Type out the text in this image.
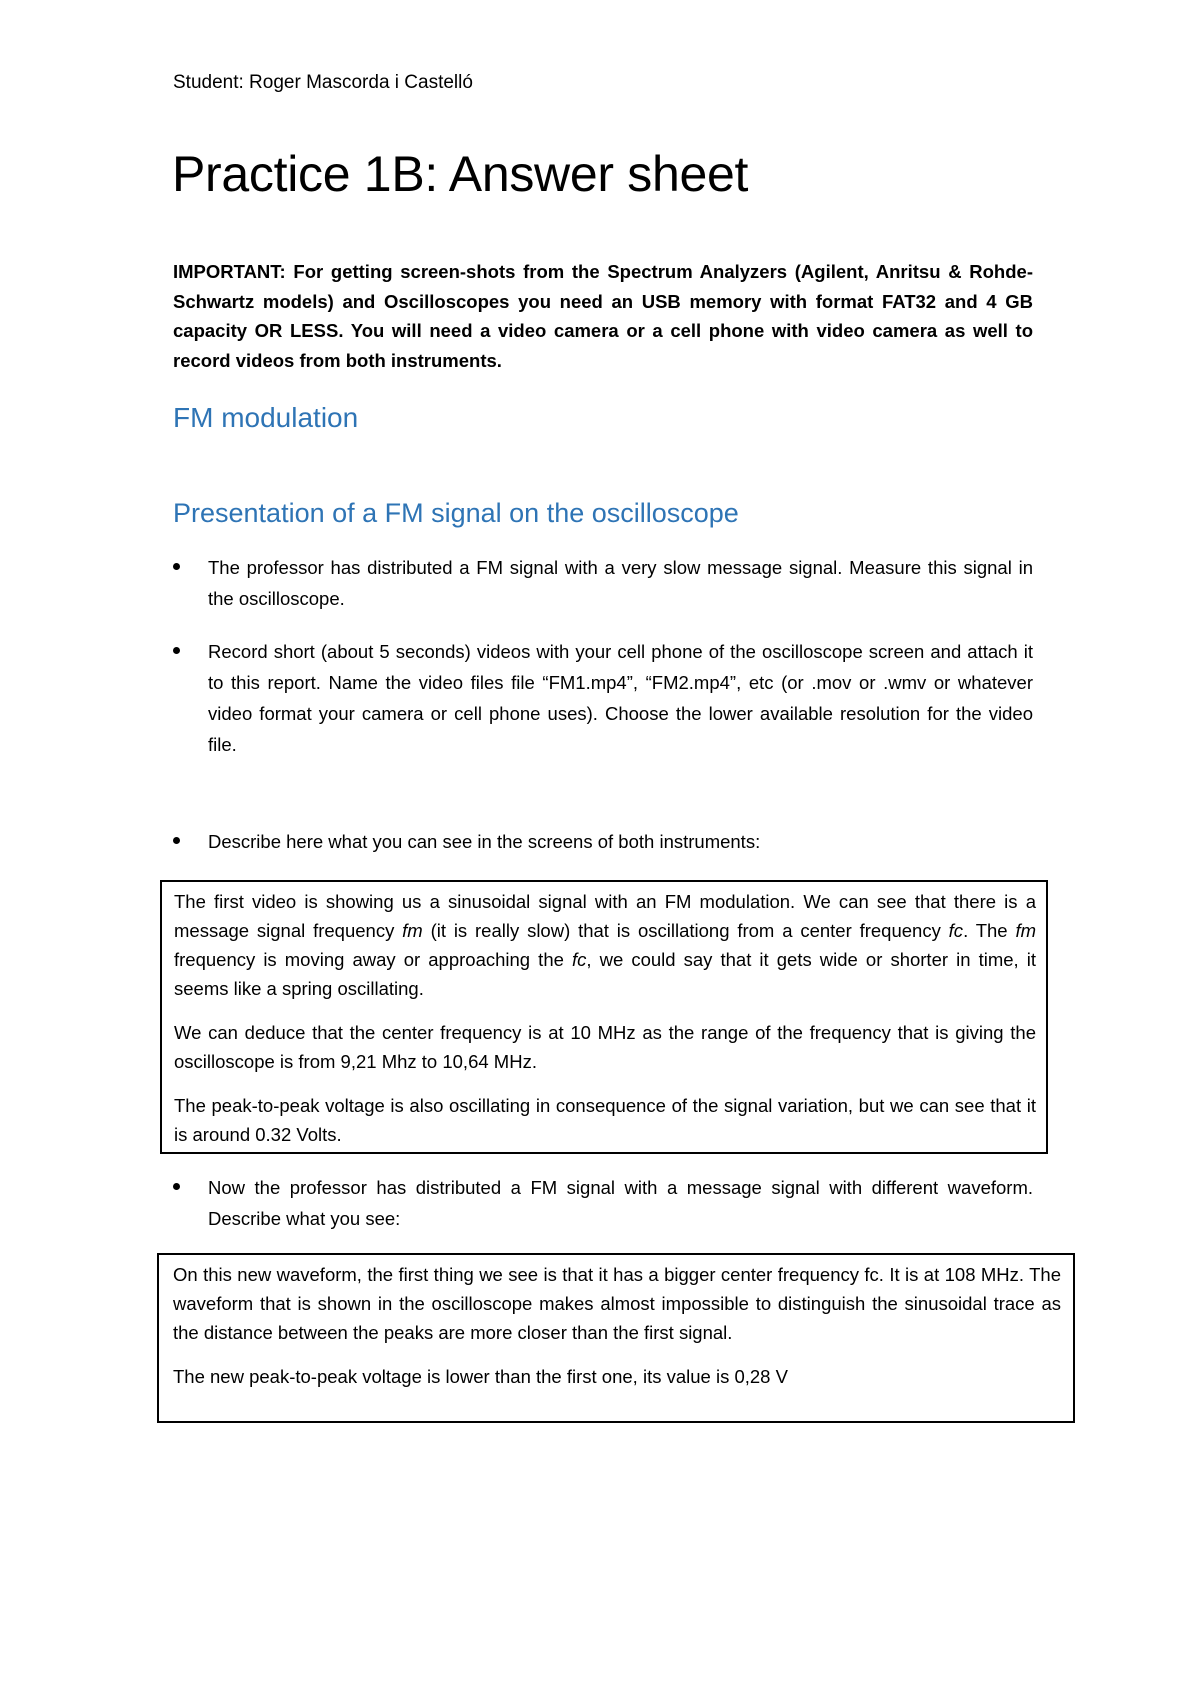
Student: Roger Mascorda i Castelló
Practice 1B: Answer sheet
IMPORTANT: For getting screen-shots from the Spectrum Analyzers (Agilent, Anritsu & Rohde-Schwartz models) and Oscilloscopes you need an USB memory with format FAT32 and 4 GB capacity OR LESS. You will need a video camera or a cell phone with video camera as well to record videos from both instruments.
FM modulation
Presentation of a FM signal on the oscilloscope
The professor has distributed a FM signal with a very slow message signal. Measure this signal in the oscilloscope.
Record short (about 5 seconds) videos with your cell phone of the oscilloscope screen and attach it to this report. Name the video files file “FM1.mp4”, “FM2.mp4”, etc (or .mov or .wmv or whatever video format your camera or cell phone uses). Choose the lower available resolution for the video file.
Describe here what you can see in the screens of both instruments:

The first video is showing us a sinusoidal signal with an FM modulation. We can see that there is a message signal frequency fm (it is really slow) that is oscillationg from a center frequency fc. The fm frequency is moving away or approaching the fc, we could say that it gets wide or shorter in time, it seems like a spring oscillating.

We can deduce that the center frequency is at 10 MHz as the range of the frequency that is giving the oscilloscope is from 9,21 Mhz to 10,64 MHz.

The peak-to-peak voltage is also oscillating in consequence of the signal variation, but we can see that it is around 0.32 Volts.

Now the professor has distributed a FM signal with a message signal with different waveform. Describe what you see:

On this new waveform, the first thing we see is that it has a bigger center frequency fc. It is at 108 MHz. The waveform that is shown in the oscilloscope makes almost impossible to distinguish the sinusoidal trace as the distance between the peaks are more closer than the first signal.

The new peak-to-peak voltage is lower than the first one, its value is 0,28 V
